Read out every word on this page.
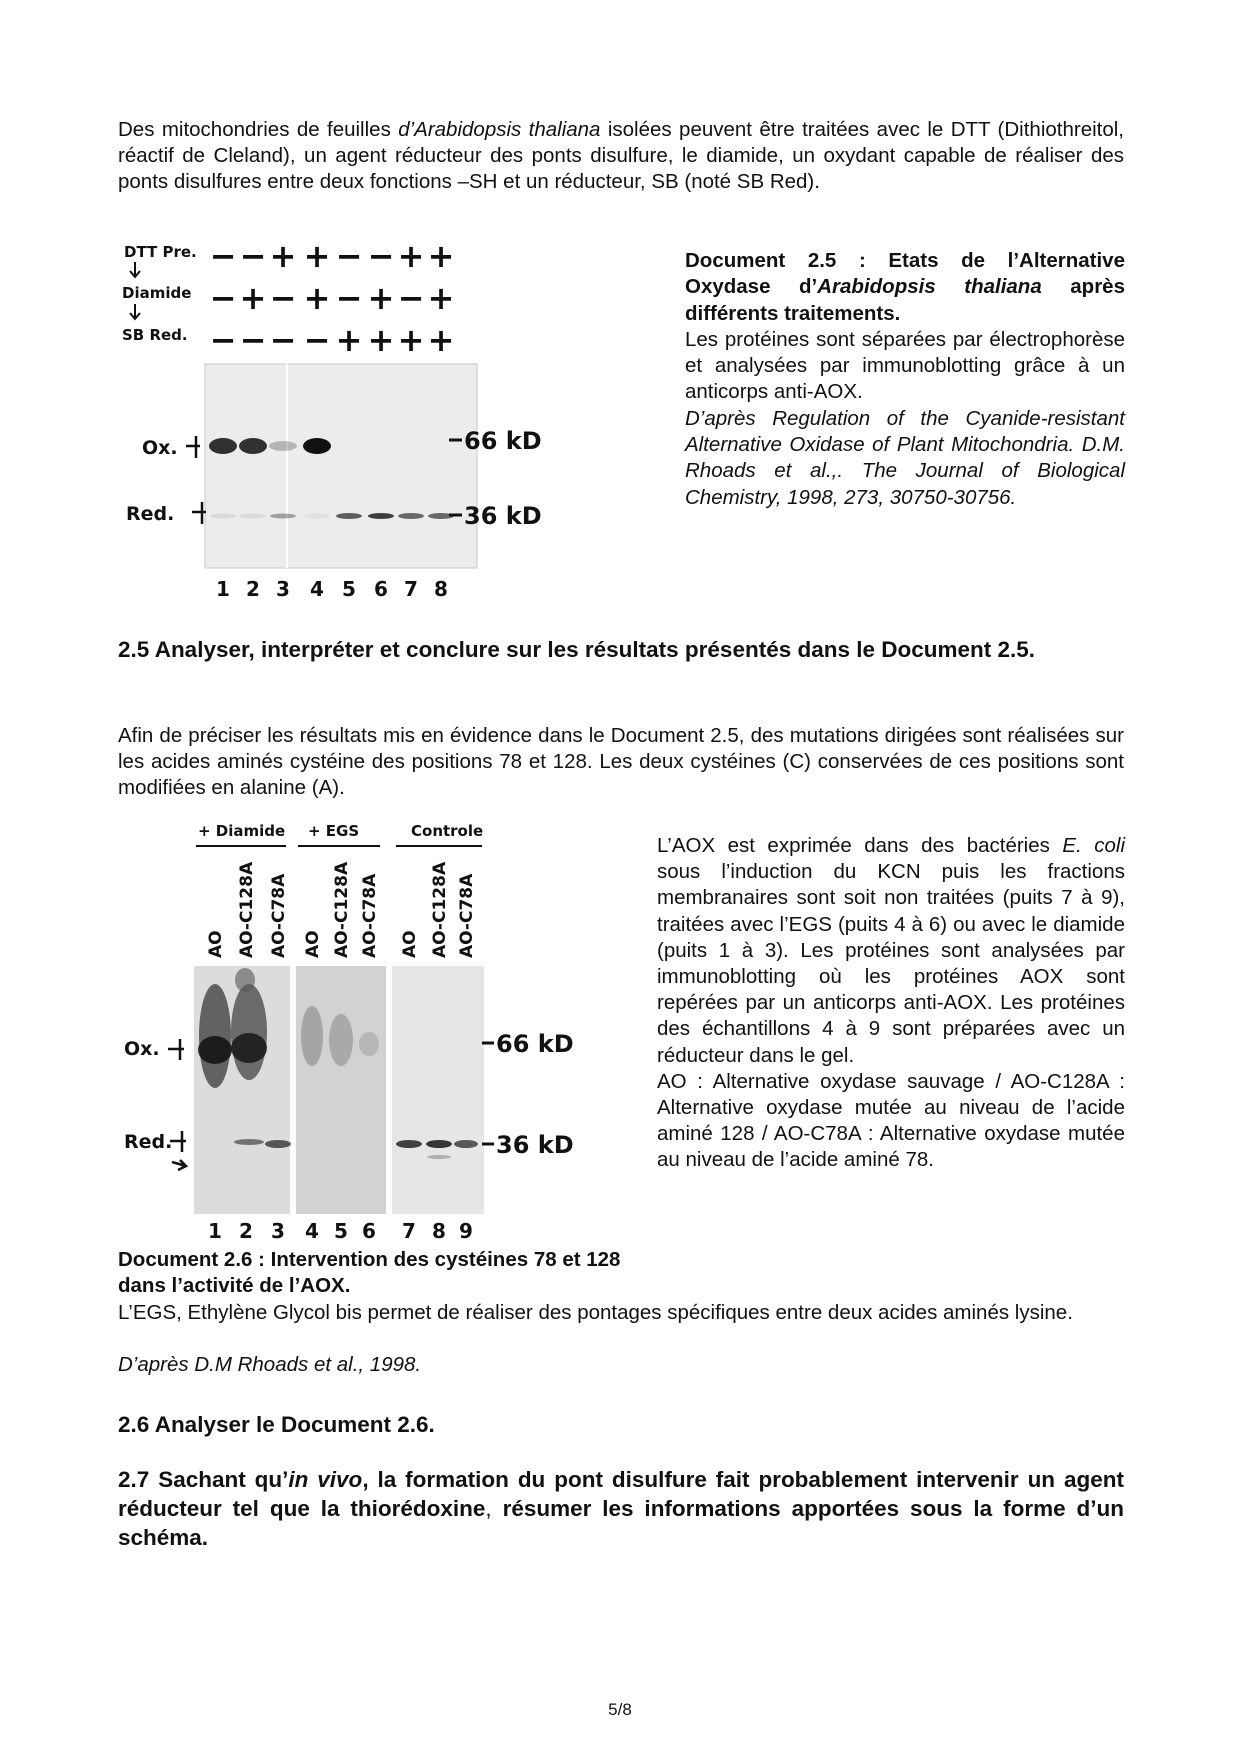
Des mitochondries de feuilles d’Arabidopsis thaliana isolées peuvent être traitées avec le DTT (Dithiothreitol, réactif de Cleland), un agent réducteur des ponts disulfure, le diamide, un oxydant capable de réaliser des ponts disulfures entre deux fonctions –SH et un réducteur, SB (noté SB Red).

DTT Pre.
Diamide
SB Red.
− − + + − − + +
− + − + − + − +
− − − − + + + +
Ox.
Red.
66 kD
36 kD
1 2 3 4 5 6 7 8

Document 2.5 : Etats de l’Alternative Oxydase d’Arabidopsis thaliana après différents traitements.
Les protéines sont séparées par électrophorèse et analysées par immunoblotting grâce à un anticorps anti-AOX.
D’après Regulation of the Cyanide-resistant Alternative Oxidase of Plant Mitochondria. D.M. Rhoads et al.,. The Journal of Biological Chemistry, 1998, 273, 30750-30756.

2.5 Analyser, interpréter et conclure sur les résultats présentés dans le Document 2.5.

Afin de préciser les résultats mis en évidence dans le Document 2.5, des mutations dirigées sont réalisées sur les acides aminés cystéine des positions 78 et 128. Les deux cystéines (C) conservées de ces positions sont modifiées en alanine (A).

+ Diamide + EGS	Controle
AO AO-C128A AO-C78A AO AO-C128A AO-C78A AO AO-C128A AO-C78A
Ox.
Red.
66 kD
36 kD
1 2 3 4 5 6 7 8 9

L’AOX est exprimée dans des bactéries E. coli sous l’induction du KCN puis les fractions membranaires sont soit non traitées (puits 7 à 9), traitées avec l’EGS (puits 4 à 6) ou avec le diamide (puits 1 à 3). Les protéines sont analysées par immunoblotting où les protéines AOX sont repérées par un anticorps anti-AOX. Les protéines des échantillons 4 à 9 sont préparées avec un réducteur dans le gel.
AO : Alternative oxydase sauvage / AO-C128A : Alternative oxydase mutée au niveau de l’acide aminé 128 / AO-C78A : Alternative oxydase mutée au niveau de l’acide aminé 78.

Document 2.6 : Intervention des cystéines 78 et 128 dans l’activité de l’AOX.

L’EGS, Ethylène Glycol bis permet de réaliser des pontages spécifiques entre deux acides aminés lysine.

D’après D.M Rhoads et al., 1998.

2.6 Analyser le Document 2.6.

2.7 Sachant qu’in vivo, la formation du pont disulfure fait probablement intervenir un agent réducteur tel que la thiorédoxine, résumer les informations apportées sous la forme d’un schéma.

5/8
